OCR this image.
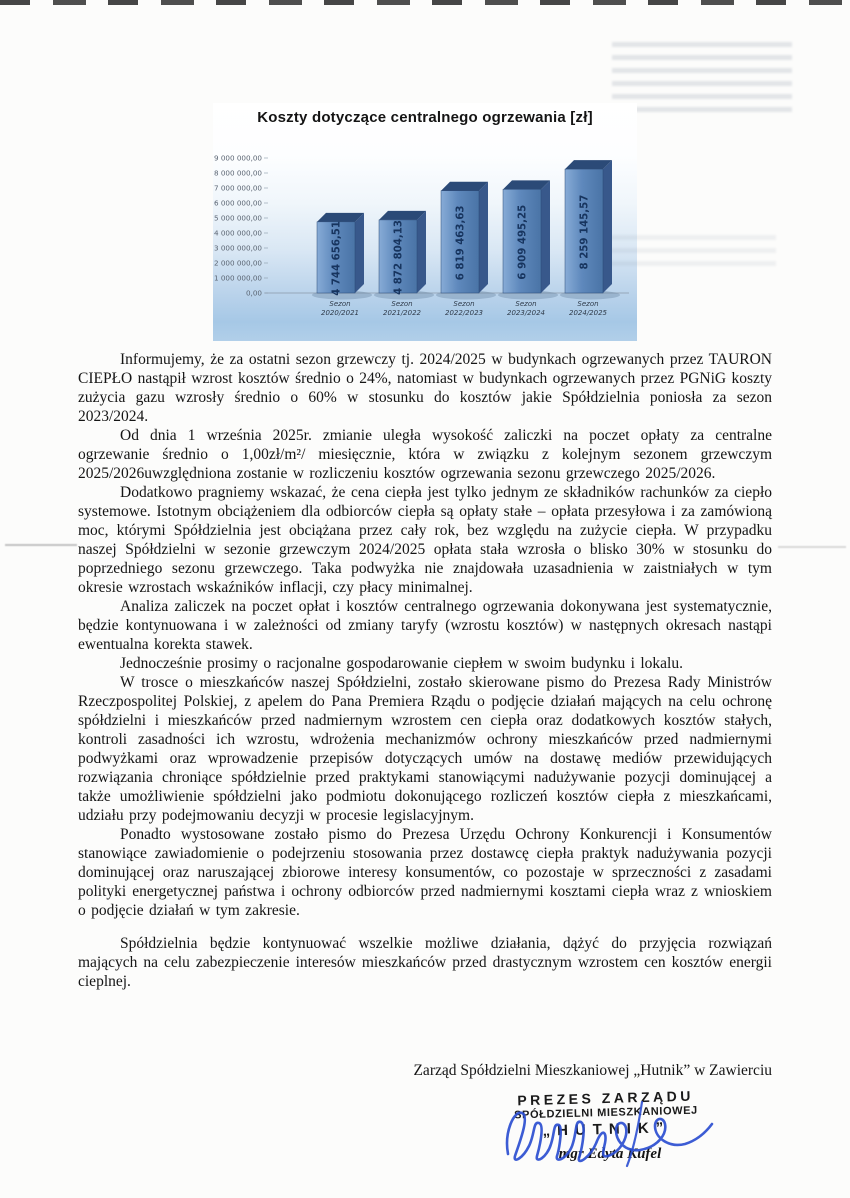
Koszty dotyczące centralnego ogrzewania [zł]
9 000 000,00
8 000 000,00
7 000 000,00
6 000 000,00
5 000 000,00
4 000 000,00
3 000 000,00
2 000 000,00
1 000 000,00
0,00	4 744 656,51
Sezon 2020/2021
4 872 804,13
Sezon 2021/2022
6 819 463,63
Sezon 2022/2023
6 909 495,25
Sezon 2023/2024
8 259 145,57
Sezon 2024/2025

Informujemy, że za ostatni sezon grzewczy tj. 2024/2025 w budynkach ogrzewanych przez TAURON CIEPŁO nastąpił wzrost kosztów średnio o 24%, natomiast w budynkach ogrzewanych przez PGNiG koszty zużycia gazu wzrosły średnio o 60% w stosunku do kosztów jakie Spółdzielnia poniosła za sezon 2023/2024.

Od dnia 1 września 2025r. zmianie uległa wysokość zaliczki na poczet opłaty za centralne ogrzewanie średnio o 1,00zł/m²/ miesięcznie, która w związku z kolejnym sezonem grzewczym 2025/2026uwzględniona zostanie w rozliczeniu kosztów ogrzewania sezonu grzewczego 2025/2026.

Dodatkowo pragniemy wskazać, że cena ciepła jest tylko jednym ze składników rachunków za ciepło systemowe. Istotnym obciążeniem dla odbiorców ciepła są opłaty stałe – opłata przesyłowa i za zamówioną moc, którymi Spółdzielnia jest obciążana przez cały rok, bez względu na zużycie ciepła. W przypadku naszej Spółdzielni w sezonie grzewczym 2024/2025 opłata stała wzrosła o blisko 30% w stosunku do poprzedniego sezonu grzewczego. Taka podwyżka nie znajdowała uzasadnienia w zaistniałych w tym okresie wzrostach wskaźników inflacji, czy płacy minimalnej.

Analiza zaliczek na poczet opłat i kosztów centralnego ogrzewania dokonywana jest systematycznie, będzie kontynuowana i w zależności od zmiany taryfy (wzrostu kosztów) w następnych okresach nastąpi ewentualna korekta stawek.

Jednocześnie prosimy o racjonalne gospodarowanie ciepłem w swoim budynku i lokalu.

W trosce o mieszkańców naszej Spółdzielni, zostało skierowane pismo do Prezesa Rady Ministrów Rzeczpospolitej Polskiej, z apelem do Pana Premiera Rządu o podjęcie działań mających na celu ochronę spółdzielni i mieszkańców przed nadmiernym wzrostem cen ciepła oraz dodatkowych kosztów stałych, kontroli zasadności ich wzrostu, wdrożenia mechanizmów ochrony mieszkańców przed nadmiernymi podwyżkami oraz wprowadzenie przepisów dotyczących umów na dostawę mediów przewidujących rozwiązania chroniące spółdzielnie przed praktykami stanowiącymi nadużywanie pozycji dominującej a także umożliwienie spółdzielni jako podmiotu dokonującego rozliczeń kosztów ciepła z mieszkańcami, udziału przy podejmowaniu decyzji w procesie legislacyjnym.

Ponadto wystosowane zostało pismo do Prezesa Urzędu Ochrony Konkurencji i Konsumentów stanowiące zawiadomienie o podejrzeniu stosowania przez dostawcę ciepła praktyk nadużywania pozycji dominującej oraz naruszającej zbiorowe interesy konsumentów, co pozostaje w sprzeczności z zasadami polityki energetycznej państwa i ochrony odbiorców przed nadmiernymi kosztami ciepła wraz z wnioskiem o podjęcie działań w tym zakresie.

Spółdzielnia będzie kontynuować wszelkie możliwe działania, dążyć do przyjęcia rozwiązań mających na celu zabezpieczenie interesów mieszkańców przed drastycznym wzrostem cen kosztów energii cieplnej.

Zarząd Spółdzielni Mieszkaniowej „Hutnik” w Zawierciu
PREZES ZARZĄDU
SPÓŁDZIELNI MIESZKANIOWEJ
„HUTNIK”
mgr Edyta Kufel
